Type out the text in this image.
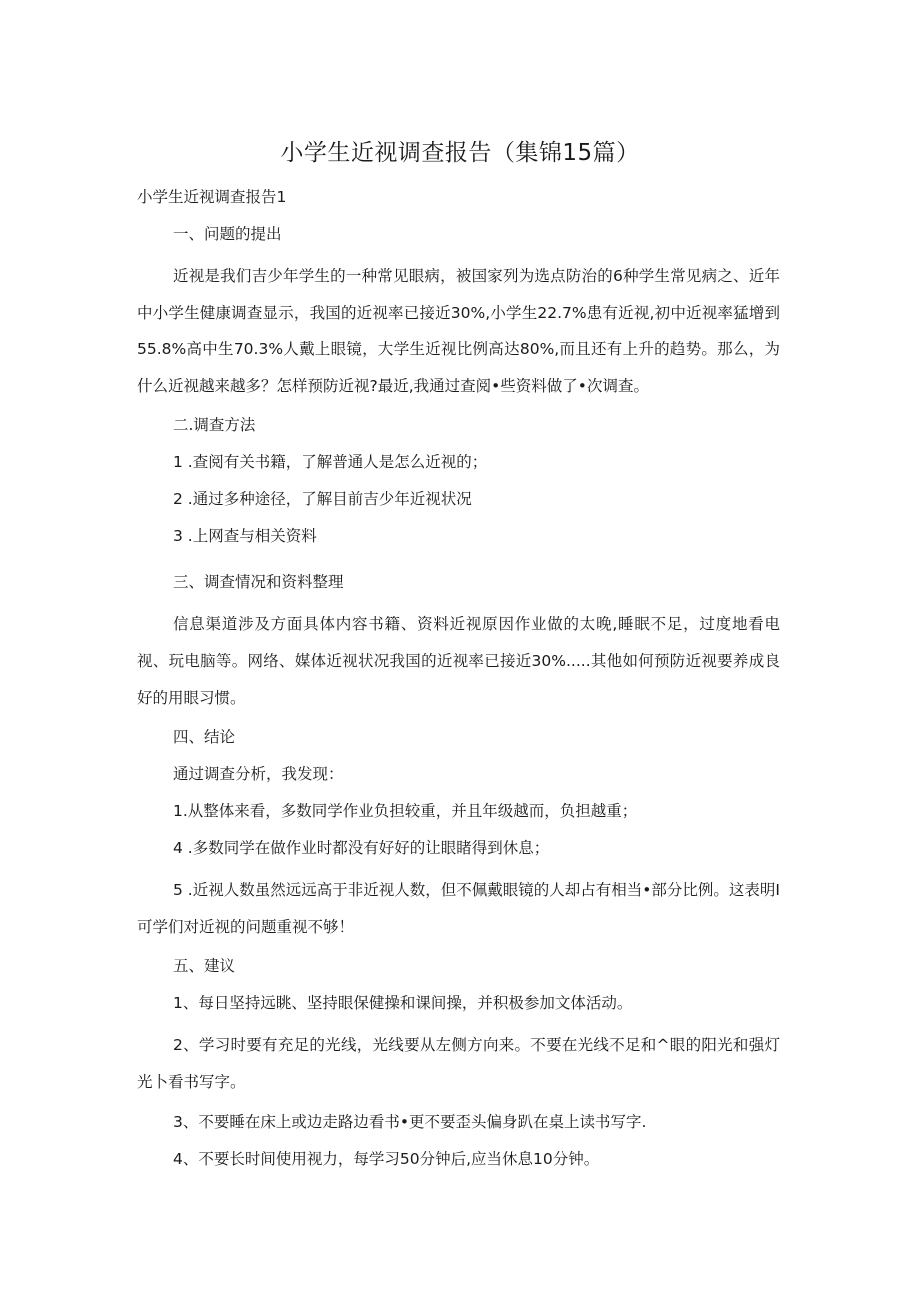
小学生近视调查报告（集锦15篇）

小学生近视调查报告1

一、问题的提出

近视是我们吉少年学生的一种常见眼病，被国家列为选点防治的6种学生常见病之、近年中小学生健康调查显示，我国的近视率已接近30%,小学生22.7%患有近视,初中近视率猛增到55.8%高中生70.3%人戴上眼镜，大学生近视比例高达80%,而且还有上升的趋势。那么，为什么近视越来越多？怎样预防近视?最近,我通过查阅•些资料做了•次调查。

二.调查方法

1 .查阅有关书籍，了解普通人是怎么近视的；

2 .通过多种途径，了解目前吉少年近视状况

3 .上网查与相关资料

三、调查情况和资料整理

信息渠道涉及方面具体内容书籍、资料近视原因作业做的太晚,睡眠不足，过度地看电视、玩电脑等。网络、媒体近视状况我国的近视率已接近30%.....其他如何预防近视要养成良好的用眼习惯。

四、结论

通过调查分析，我发现：

1.从整体来看，多数同学作业负担较重，并且年级越而，负担越重；

4 .多数同学在做作业时都没有好好的让眼睹得到休息；

5 .近视人数虽然远远高于非近视人数，但不佩戴眼镜的人却占有相当•部分比例。这表明I可学们对近视的问题重视不够！

五、建议

1、每日坚持远眺、坚持眼保健操和课间操，并积极参加文体活动。

2、学习时要有充足的光线，光线要从左侧方向来。不要在光线不足和^眼的阳光和强灯光卜看书写字。

3、不要睡在床上或边走路边看书•更不要歪头偏身趴在桌上读书写字.

4、不要长时间使用视力，每学习50分钟后,应当休息10分钟。
